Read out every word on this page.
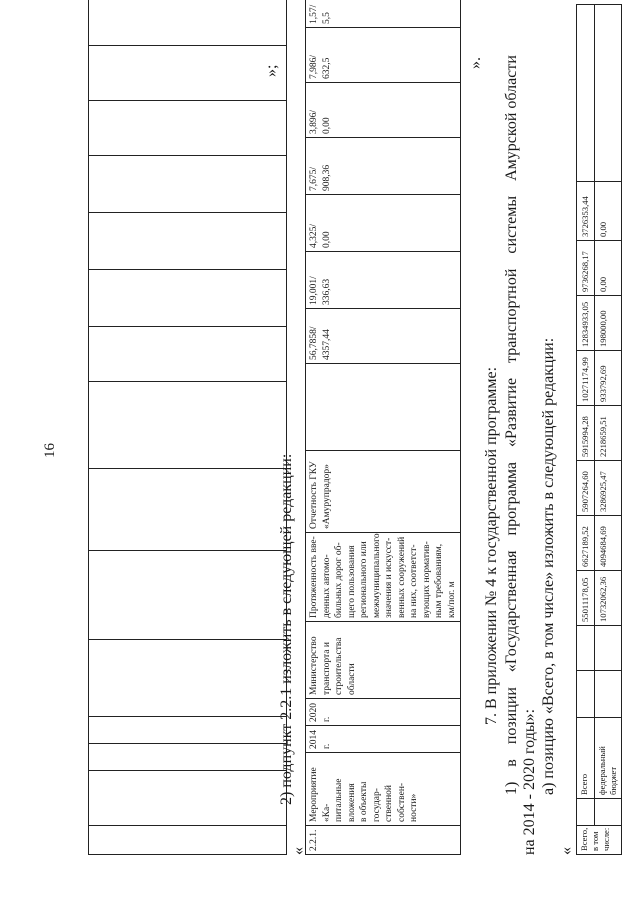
16

»;
2) подпункт 2.2.1 изложить в следующей редакции:
« 2.2.1.	Мероприятие «Ка-
питальные вложения
в объекты государ-
ственной собствен-
ности»	2014 г.	2020 г.	Министерство
транспорта и
строительства
области	Протяженность вве-
денных автомо-
бильных дорог об-
щего пользования
регионального или
межмуниципального
значения и искусст-
венных сооружений
на них, соответст-
вующих норматив-
ным требованиям,
км/пог. м	Отчетность ГКУ
«Амурупрадор»		56,7858/
4357,44	19,001/
336,63	4,325/
0,00	7,675/
908,36	3,896/
0,00	7,986/
632,5	1,57/
5,5		
».
7. В приложении № 4 к государственной программе:
1)
в
позиции
«Государственная
программа
«Развитие
транспортной
системы
Амурской области
на 2014 - 2020 годы»: а) позицию «Всего, в том числе» изложить в следующей редакции:
« Всего, в том
числе:		Всего			55011178,05	6627189,52	5907264,60	5915994,28	10271174,99	12834933,05	9736268,17	3726353,44	
		федеральный бюджет			10732062,36	4094684,69	3286925,47	2218659,51	933792,69	198000,00	0,00	0,00	
